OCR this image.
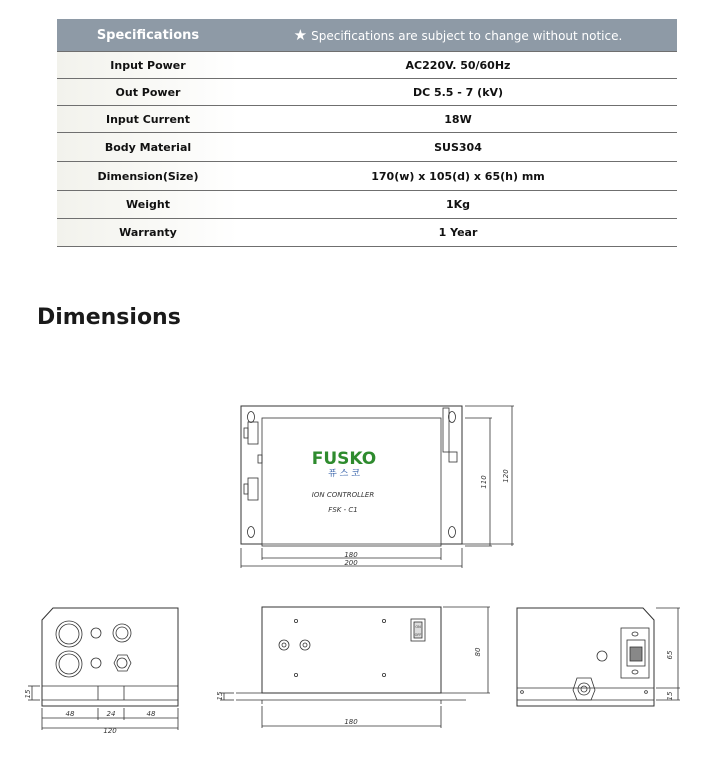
Specifications	★ Specifications are subject to change without notice.
Input Power	AC220V. 50/60Hz
Out Power	DC 5.5 - 7 (kV)
Input Current	18W
Body Material	SUS304
Dimension(Size)	170(w) x 105(d) x 65(h) mm
Weight	1Kg
Warranty	1 Year
Dimensions
FUSKO
퓨 스 코
ION CONTROLLER
FSK - C1
180
200
110 120
48	24	48
120
15
ON
OFF
180
80
15
65
15
